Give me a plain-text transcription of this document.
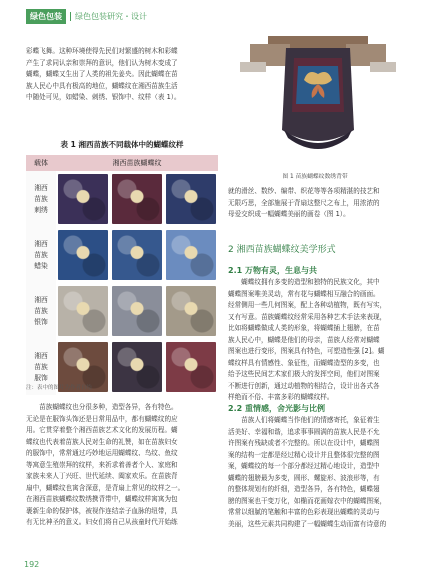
绿色包装	绿色包装研究・设计

彩蝶飞舞。这种环境使得先民们对繁盛的树木和彩蝶

产生了求同认亲和崇拜的意识，他们认为树木变成了

蝴蝶，蝴蝶又生出了人类的祖先姜央。因此蝴蝶在苗

族人民心中具有极高的地位，蝴蝶纹在湘西苗族生活

中随处可见，如蜡染、刺绣、银饰中、纹样（表 1）。

表 1 湘西苗族不同载体中的蝴蝶纹样
载体	湘西苗族蝴蝶纹
湘西
苗族
刺绣	

湘西
苗族
蜡染	

湘西
苗族
银饰	

湘西
苗族
服饰	
注：表中的图片为作者自绘

　　苗族蝴蝶纹也分很多种，造型各异，各有特色。

无论是在服饰头饰还是日常用品中，都有蝴蝶纹的应

用。它贯穿着整个湘西苗族艺术文化的发展历程。蝴

蝶纹也代表着苗族人民对生命的礼赞，如在苗族妇女

的服饰中，常常通过巧妙地运用蝴蝶纹、鸟纹、鱼纹

等寓意生殖崇拜的纹样，来祈求着善者个人、家庭和

家族未来人丁兴旺、世代延续、阖家欢乐。在苗族背

扇中，蝴蝶纹也寓含深意，是背扇上常见的纹样之一。

在湘西苗族蝴蝶纹数绣携背带中，蝴蝶纹样寓寓为包

裹新生命的保护体，被视作连结亲子血脉的纽带，具

有无比神圣的意义。妇女们将自己从孩童时代开始练

图 1 苗族蝴蝶纹数绣背带

就的滑丝、数纱、编带、织花等等各项精湛的技艺和

无限巧思，全部施展于背扇这整尺之布上，用浓浓的

母爱交织成一幅蝴蝶美丽的画卷（图 1）。

2 湘西苗族蝴蝶纹美学形式
2.1 万物有灵，生息与共

　　蝴蝶纹拥有多变的造型和独特的民族文化，其中

蝴蝶图案唯美灵动，常有花与蝴蝶相互融合的画面。

经常侧用一些几何图案，配上各种动植物，既有写实，

又有写意。苗族蝴蝶纹经常采用各种艺术手法来表现，

比如将蝴蝶做成人类的形象，将蝴蝶插上翅膀，在苗

族人民心中，蝴蝶是他们的母亲，苗族人经常对蝴蝶

图案也进行变形，图案具有特色，可塑造性强 [2]。蝴

蝶纹样具有情感性、象征性，而蝴蝶造型的多变，也

给予这些民间艺术家们极大的发挥空间，他们对图案

不断进行创新，通过动植物的相结合，设计出各式各

样绝而不俗、丰富多彩的蝴蝶纹样。

2.2 重情感，舍光影与比例

　　苗族人们将蝴蝶当作他们的情感寄托，象征着生

活美好、幸福和谐，追求事事圆满的苗族人民是不允

许图案有残缺或者不完整的。所以在设计中，蝴蝶图

案的结构一定都是经过精心设计并且整体很完整的图

案，蝴蝶纹的每一个部分都经过精心地设计，造型中

蝴蝶的翅膀最为多变，圆形、螺旋形、波浪形等，有

的整体规划有的纤细，造型各异，各有特色，蝴蝶翅

膀的图案也干变万化，如椭而花画嫁衣中的蝴蝶图案，

常常以细腻的笔触和丰富的色彩表现出蝴蝶的灵动与

美丽，这些元素共同构建了一幅蝴蝶生动而富有诗意的

192
